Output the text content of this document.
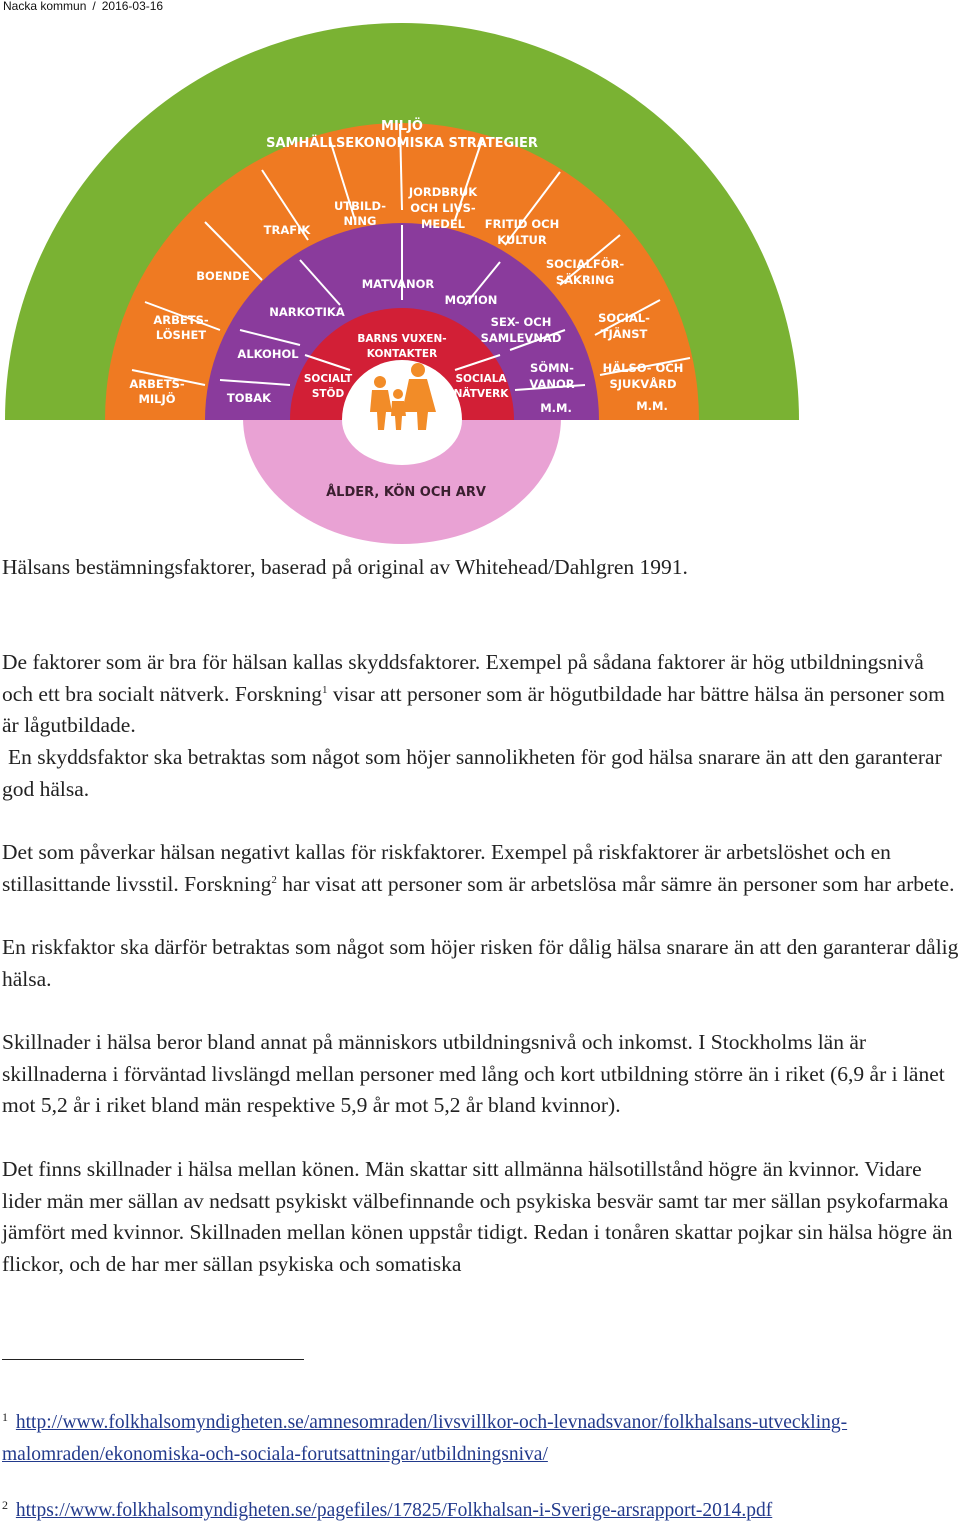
Nacka kommun / 2016-03-16
MILJÖ
SAMHÄLLSEKONOMISKA STRATEGIER
ARBETS-
MILJÖ
ARBETS-
LÖSHET
BOENDE
TRAFIK
UTBILD-
NING
JORDBRUK
OCH LIVS-
MEDEL FRITID OCH
KULTUR
SOCIALFÖR-
SÄKRING
SOCIAL-
TJÄNST
HÄLSO- OCH
SJUKVÅRD
M.M.
TOBAK
ALKOHOL
NARKOTIKA
MATVANOR
MOTION
SEX- OCH
SAMLEVNAD
SÖMN-
VANOR
M.M.
BARNS VUXEN-
KONTAKTER
SOCIALT
STÖD
SOCIALA
NÄTVERK
ÅLDER, KÖN OCH ARV

Hälsans bestämningsfaktorer, baserad på original av Whitehead/Dahlgren 1991.

De faktorer som är bra för hälsan kallas skyddsfaktorer. Exempel på sådana faktorer är hög utbildningsnivå och ett bra socialt nätverk. Forskning$^1$ visar att personer som är högutbildade har bättre hälsa än personer som är lågutbildade.

En skyddsfaktor ska betraktas som något som höjer sannolikheten för god hälsa snarare än att den garanterar god hälsa.

Det som påverkar hälsan negativt kallas för riskfaktorer. Exempel på riskfaktorer är arbetslöshet och en stillasittande livsstil. Forskning$^2$ har visat att personer som är arbetslösa mår sämre än personer som har arbete.

En riskfaktor ska därför betraktas som något som höjer risken för dålig hälsa snarare än att den garanterar dålig hälsa.

Skillnader i hälsa beror bland annat på människors utbildningsnivå och inkomst. I Stockholms län är skillnaderna i förväntad livslängd mellan personer med lång och kort utbildning större än i riket (6,9 år i länet mot 5,2 år i riket bland män respektive 5,9 år mot 5,2 år bland kvinnor).

Det finns skillnader i hälsa mellan könen. Män skattar sitt allmänna hälsotillstånd högre än kvinnor. Vidare lider män mer sällan av nedsatt psykiskt välbefinnande och psykiska besvär samt tar mer sällan psykofarmaka jämfört med kvinnor. Skillnaden mellan könen uppstår tidigt. Redan i tonåren skattar pojkar sin hälsa högre än flickor, och de har mer sällan psykiska och somatiska

$^1$ http://www.folkhalsomyndigheten.se/amnesomraden/livsvillkor-och-levnadsvanor/folkhalsans-utveckling-malomraden/ekonomiska-och-sociala-forutsattningar/utbildningsniva/
$^2$ https://www.folkhalsomyndigheten.se/pagefiles/17825/Folkhalsan-i-Sverige-arsrapport-2014.pdf
